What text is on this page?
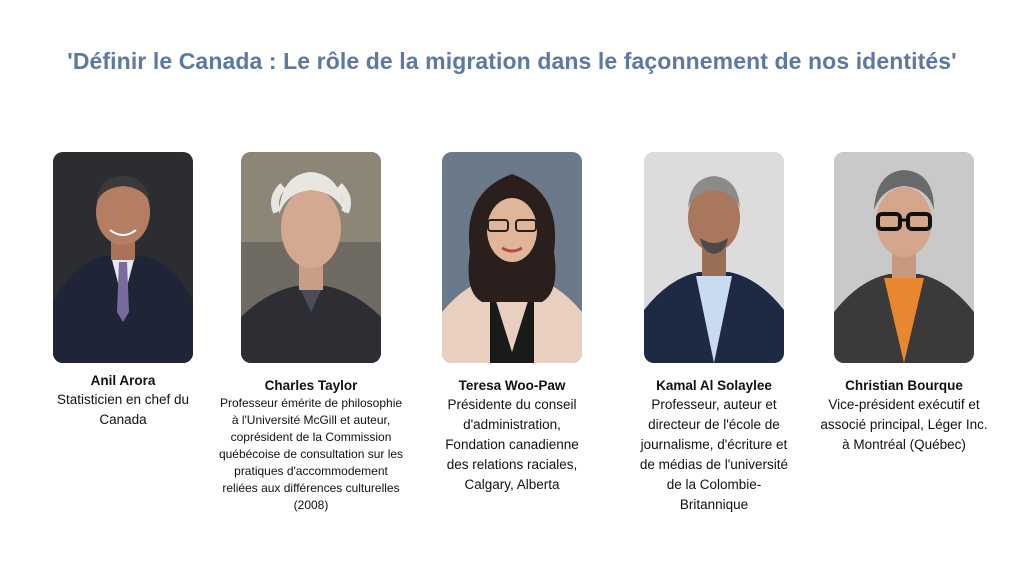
'Définir le Canada : Le rôle de la migration dans le façonnement de nos identités'
Anil Arora
Statisticien en chef du
Canada
Charles Taylor
Professeur émérite de philosophie
à l'Université McGill et auteur,
coprésident de la Commission
québécoise de consultation sur les
pratiques d'accommodement
reliées aux différences culturelles
(2008)
Teresa Woo-Paw
Présidente du conseil
d'administration,
Fondation canadienne
des relations raciales,
Calgary, Alberta
Kamal Al Solaylee
Professeur, auteur et
directeur de l'école de
journalisme, d'écriture et
de médias de l'université
de la Colombie-
Britannique
Christian Bourque
Vice-président exécutif et
associé principal, Léger Inc.
à Montréal (Québec)
